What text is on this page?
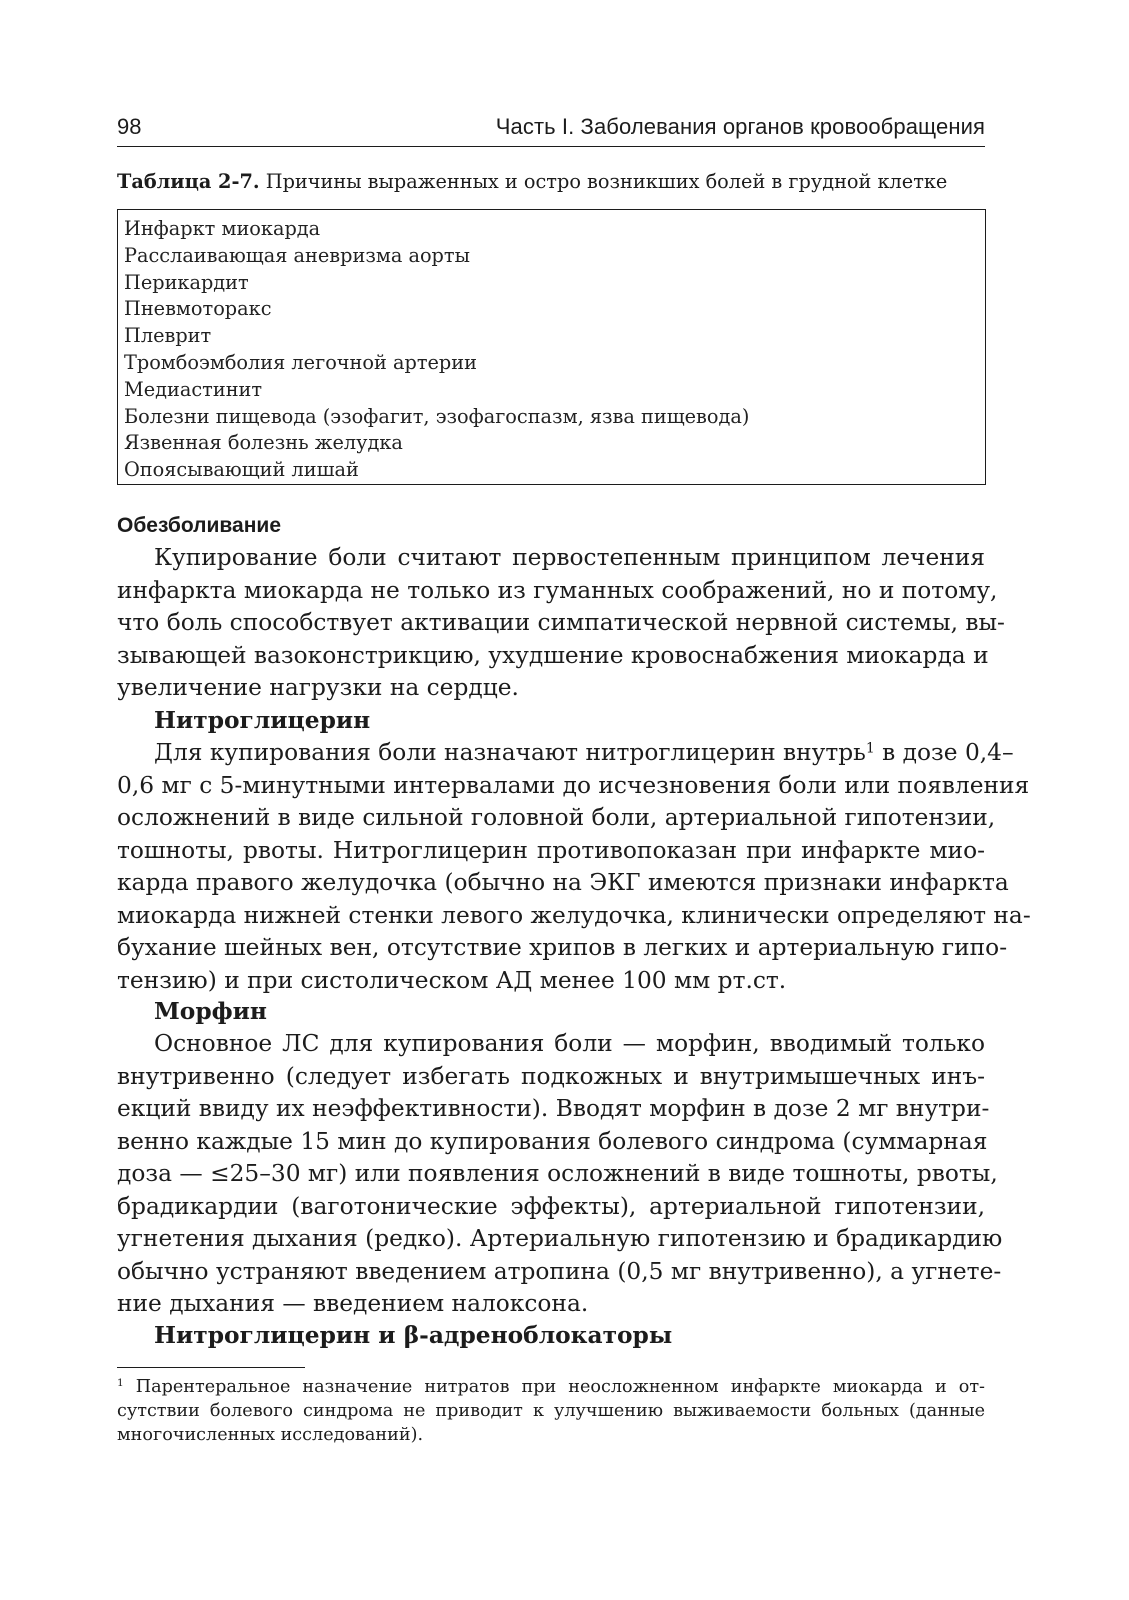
98	Часть I. Заболевания органов кровообращения
Таблица 2-7. Причины выраженных и остро возникших болей в грудной клетке
Инфаркт миокарда
Расслаивающая аневризма аорты
Перикардит
Пневмоторакс
Плеврит
Тромбоэмболия легочной артерии
Медиастинит
Болезни пищевода (эзофагит, эзофагоспазм, язва пищевода)
Язвенная болезнь желудка
Опоясывающий лишай
Обезболивание
Купирование боли считают первостепенным принципом лечения
инфаркта миокарда не только из гуманных соображений, но и потому,
что боль способствует активации симпатической нервной системы, вы-
зывающей вазоконстрикцию, ухудшение кровоснабжения миокарда и
увеличение нагрузки на сердце.
Нитроглицерин
Для купирования боли назначают нитроглицерин внутрь$^1$ в дозе 0,4–
0,6 мг с 5-минутными интервалами до исчезновения боли или появления
осложнений в виде сильной головной боли, артериальной гипотензии,
тошноты, рвоты. Нитроглицерин противопоказан при инфаркте мио-
карда правого желудочка (обычно на ЭКГ имеются признаки инфаркта
миокарда нижней стенки левого желудочка, клинически определяют на-
бухание шейных вен, отсутствие хрипов в легких и артериальную гипо-
тензию) и при систолическом АД менее 100 мм рт.ст.
Морфин
Основное ЛС для купирования боли — морфин, вводимый только
внутривенно (следует избегать подкожных и внутримышечных инъ-
екций ввиду их неэффективности). Вводят морфин в дозе 2 мг внутри-
венно каждые 15 мин до купирования болевого синдрома (суммарная
доза — ≤25–30 мг) или появления осложнений в виде тошноты, рвоты,
брадикардии (ваготонические эффекты), артериальной гипотензии,
угнетения дыхания (редко). Артериальную гипотензию и брадикардию
обычно устраняют введением атропина (0,5 мг внутривенно), а угнете-
ние дыхания — введением налоксона.
Нитроглицерин и β-адреноблокаторы
$^1$ Парентеральное назначение нитратов при неосложненном инфаркте миокарда и от-
сутствии болевого синдрома не приводит к улучшению выживаемости больных (данные
многочисленных исследований).
